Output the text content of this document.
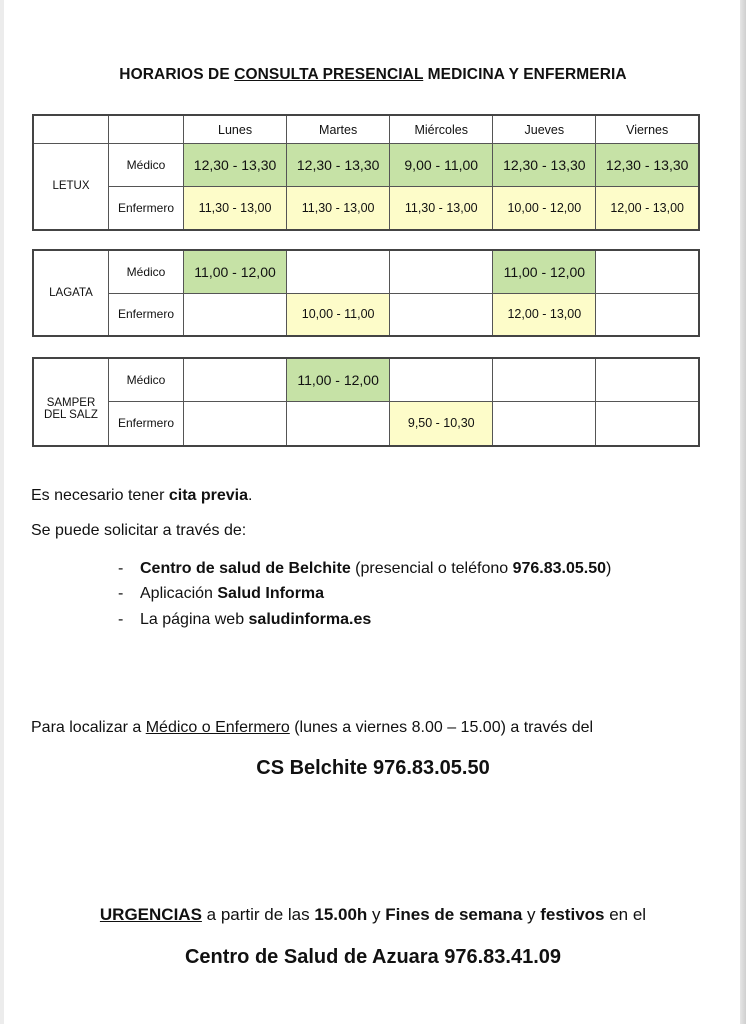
HORARIOS DE CONSULTA PRESENCIAL MEDICINA Y ENFERMERIA
		Lunes	Martes	Miércoles	Jueves	Viernes
LETUX	Médico	12,30 - 13,30	12,30 - 13,30	9,00 - 11,00	12,30 - 13,30	12,30 - 13,30
	Enfermero	11,30 - 13,00	11,30 - 13,00	11,30 - 13,00	10,00 - 12,00	12,00 - 13,00
LAGATA	Médico	11,00 - 12,00			11,00 - 12,00	
	Enfermero		10,00 - 11,00		12,00 - 13,00	
SAMPER
DEL SALZ	Médico		11,00 - 12,00			
	Enfermero			9,50 - 10,30		
Es necesario tener cita previa.
Se puede solicitar a través de:
- Centro de salud de Belchite (presencial o teléfono 976.83.05.50)
- Aplicación Salud Informa
- La página web saludinforma.es
Para localizar a Médico o Enfermero (lunes a viernes 8.00 – 15.00) a través del
CS Belchite 976.83.05.50
URGENCIAS a partir de las 15.00h y Fines de semana y festivos en el
Centro de Salud de Azuara 976.83.41.09
